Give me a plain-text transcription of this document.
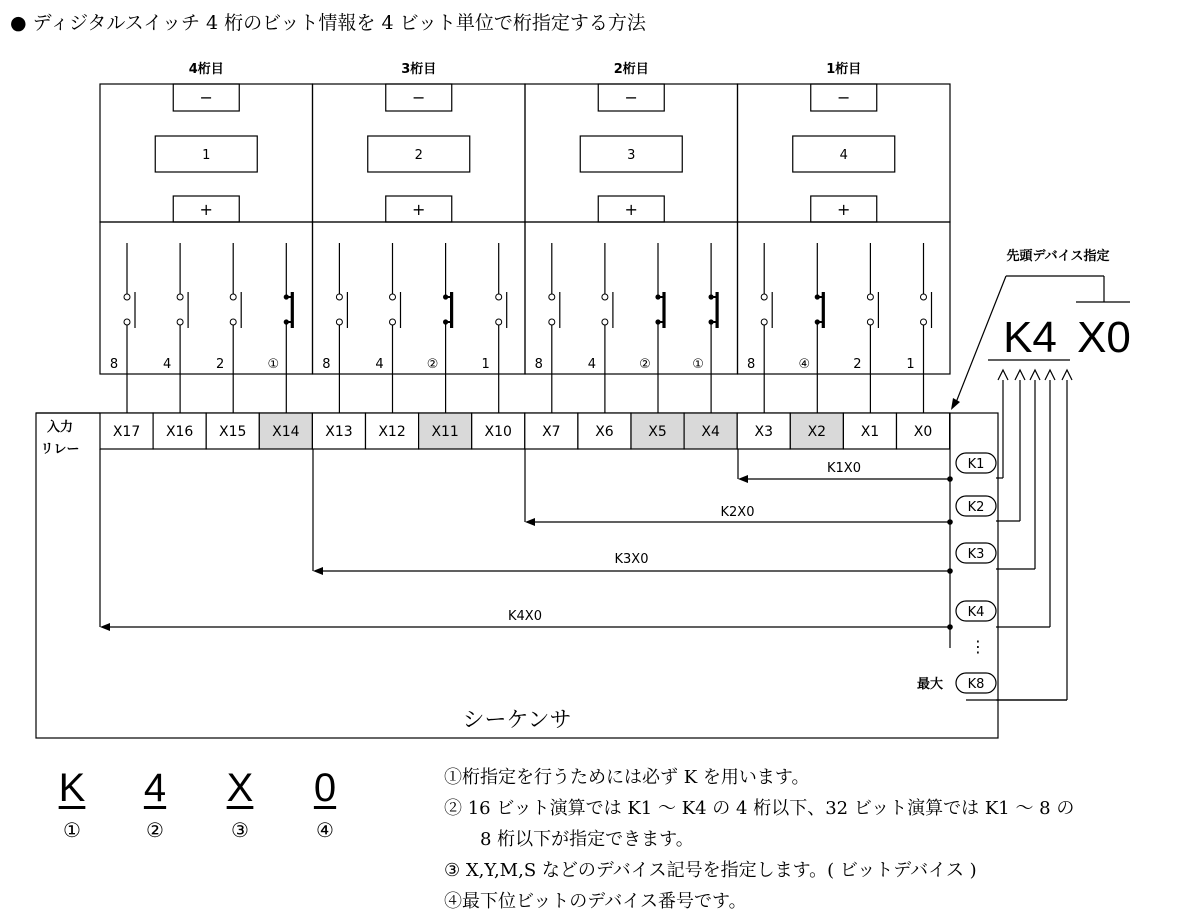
● ディジタルスイッチ 4 桁のビット情報を 4 ビット単位で桁指定する方法
4桁目
−
1
+
8	4	2	①
3桁目
−
2
+
8	4	②	1
2桁目
−
3
+
8	4	②	①
1桁目
−
4
+
8	④	2	1
入力
リレー
X17 X16 X15 X14 X13 X12 X11 X10 X7 X6 X5 X4 X3 X2 X1 X0
K1X0	K1
K2X0	K2
K3X0	K3
K4X0	K4
⋮
最大 K8
K4 X0
先頭デバイス指定
シーケンサ
K 4 X 0
①	②	③	④
①桁指定を行うためには必ず K を用います。
② 16 ビット演算では K1 ～ K4 の 4 桁以下、32 ビット演算では K1 ～ 8 の
8 桁以下が指定できます。
③ X,Y,M,S などのデバイス記号を指定します。( ビットデバイス )
④最下位ビットのデバイス番号です。
